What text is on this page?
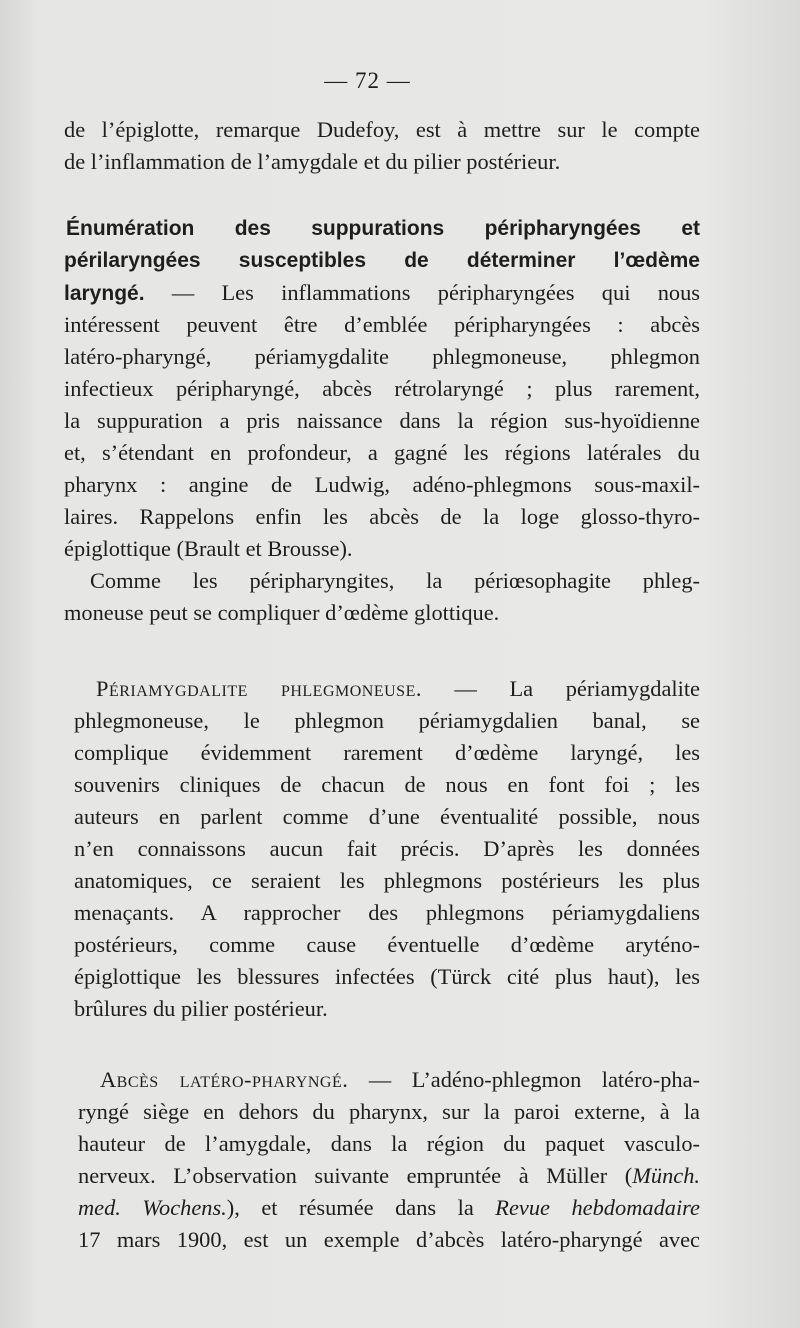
— 72 —
de l’épiglotte, remarque Dudefoy, est à mettre sur le compte
de l’inflammation de l’amygdale et du pilier postérieur.
Énumération des suppurations péripharyngées et
périlaryngées susceptibles de déterminer l’œdème
laryngé. — Les inflammations péripharyngées qui nous
intéressent peuvent être d’emblée péripharyngées : abcès
latéro-pharyngé, périamygdalite phlegmoneuse, phlegmon
infectieux péripharyngé, abcès rétrolaryngé ; plus rarement,
la suppuration a pris naissance dans la région sus-hyoïdienne
et, s’étendant en profondeur, a gagné les régions latérales du
pharynx : angine de Ludwig, adéno-phlegmons sous-maxil-
laires. Rappelons enfin les abcès de la loge glosso-thyro-
épiglottique (Brault et Brousse).
Comme les péripharyngites, la périœsophagite phleg-
moneuse peut se compliquer d’œdème glottique.
Périamygdalite phlegmoneuse. — La périamygdalite
phlegmoneuse, le phlegmon périamygdalien banal, se
complique évidemment rarement d’œdème laryngé, les
souvenirs cliniques de chacun de nous en font foi ; les
auteurs en parlent comme d’une éventualité possible, nous
n’en connaissons aucun fait précis. D’après les données
anatomiques, ce seraient les phlegmons postérieurs les plus
menaçants. A rapprocher des phlegmons périamygdaliens
postérieurs, comme cause éventuelle d’œdème aryténo-
épiglottique les blessures infectées (Türck cité plus haut), les
brûlures du pilier postérieur.
Abcès latéro-pharyngé. — L’adéno-phlegmon latéro-pha-
ryngé siège en dehors du pharynx, sur la paroi externe, à la
hauteur de l’amygdale, dans la région du paquet vasculo-
nerveux. L’observation suivante empruntée à Müller (Münch.
med. Wochens.), et résumée dans la Revue hebdomadaire
17 mars 1900, est un exemple d’abcès latéro-pharyngé avec
